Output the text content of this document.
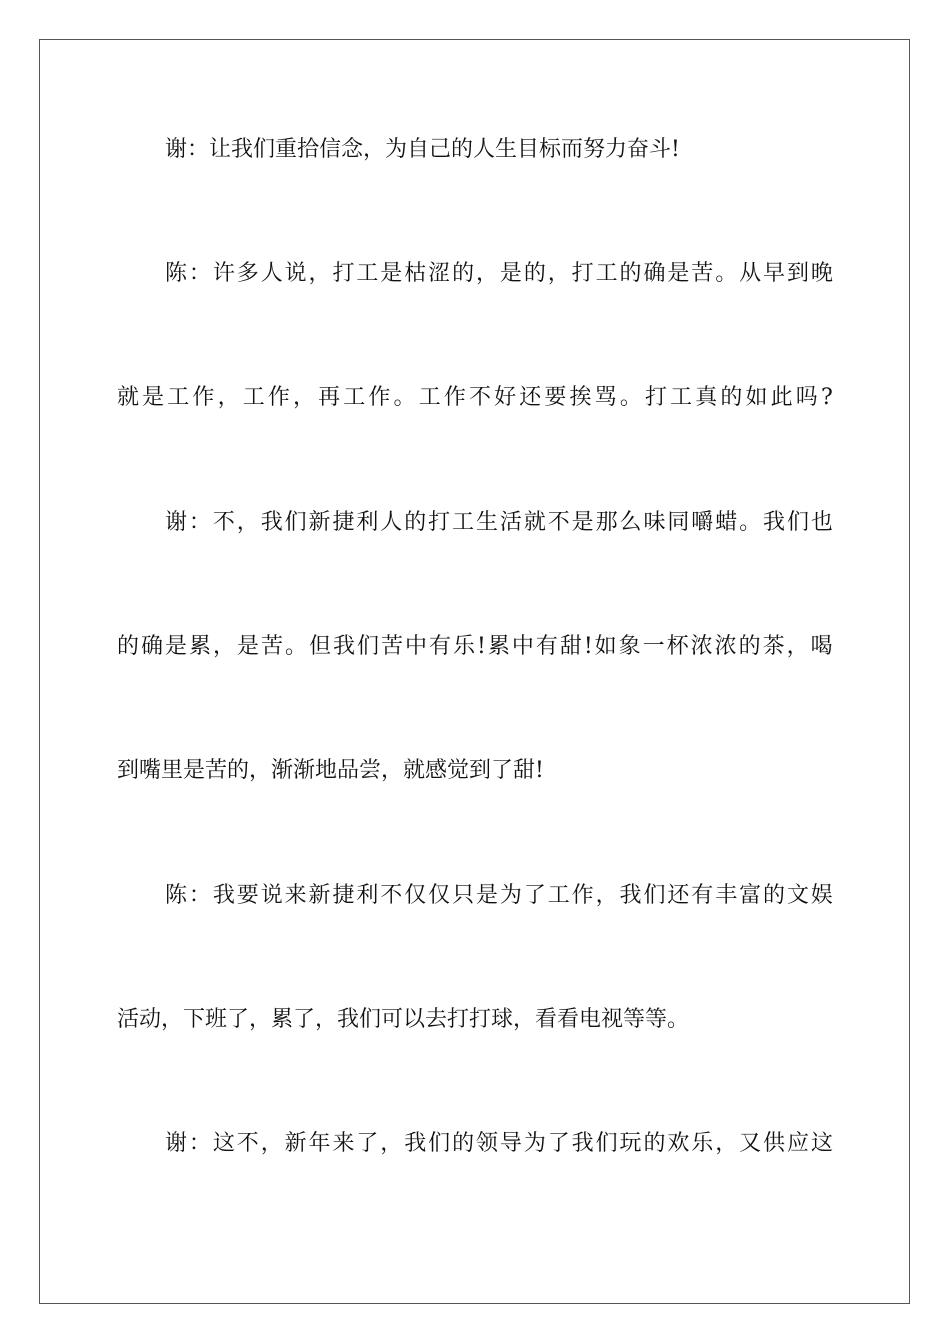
谢：让我们重拾信念，为自己的人生目标而努力奋斗!
陈 ： 许 多 人 说 ， 打 工 是 枯 涩 的 ， 是 的 ， 打 工 的 确 是 苦 。 从 早 到 晚
就 是 工 作 ， 工 作 ， 再 工 作 。 工 作 不 好 还 要 挨 骂 。 打 工 真 的 如 此 吗 ?
谢 ： 不 ， 我 们 新 捷 利 人 的 打 工 生 活 就 不 是 那 么 味 同 嚼 蜡 。 我 们 也
的 确 是 累 ， 是 苦 。 但 我 们 苦 中 有 乐 ! 累 中 有 甜 ! 如 象 一 杯 浓 浓 的 茶 ， 喝
到嘴里是苦的，渐渐地品尝，就感觉到了甜!
陈 ： 我 要 说 来 新 捷 利 不 仅 仅 只 是 为 了 工 作 ， 我 们 还 有 丰 富 的 文 娱
活动，下班了，累了，我们可以去打打球，看看电视等等。
谢 ： 这 不 ， 新 年 来 了 ， 我 们 的 领 导 为 了 我 们 玩 的 欢 乐 ， 又 供 应 这
